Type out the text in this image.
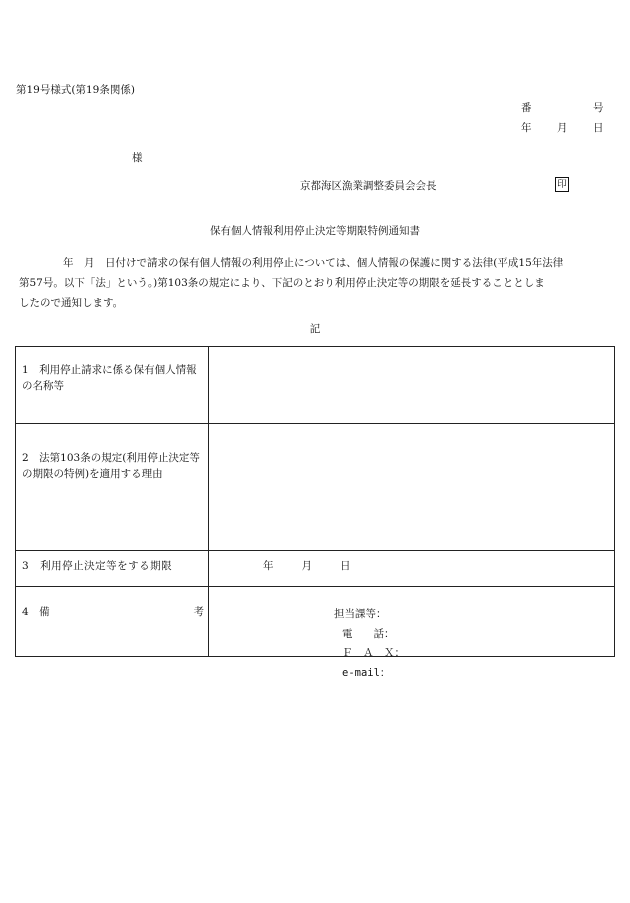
第19号様式(第19条関係)
番	号
年 月 日
様
京都海区漁業調整委員会会長	印
保有個人情報利用停止決定等期限特例通知書

年　月　日付けで請求の保有個人情報の利用停止については、個人情報の保護に関する法律(平成15年法律

第57号。以下「法」という。)第103条の規定により、下記のとおり利用停止決定等の期限を延長することとしま

したので通知します。

記
1　利用停止請求に係る保有個人情報の名称等	
2　法第103条の規定(利用停止決定等の期限の特例)を適用する理由	
3　利用停止決定等をする期限	年 月 日

4　備 考	
		担当課等：
電　　話：
Ｆ　Ａ　Ｘ：
e-mail：
